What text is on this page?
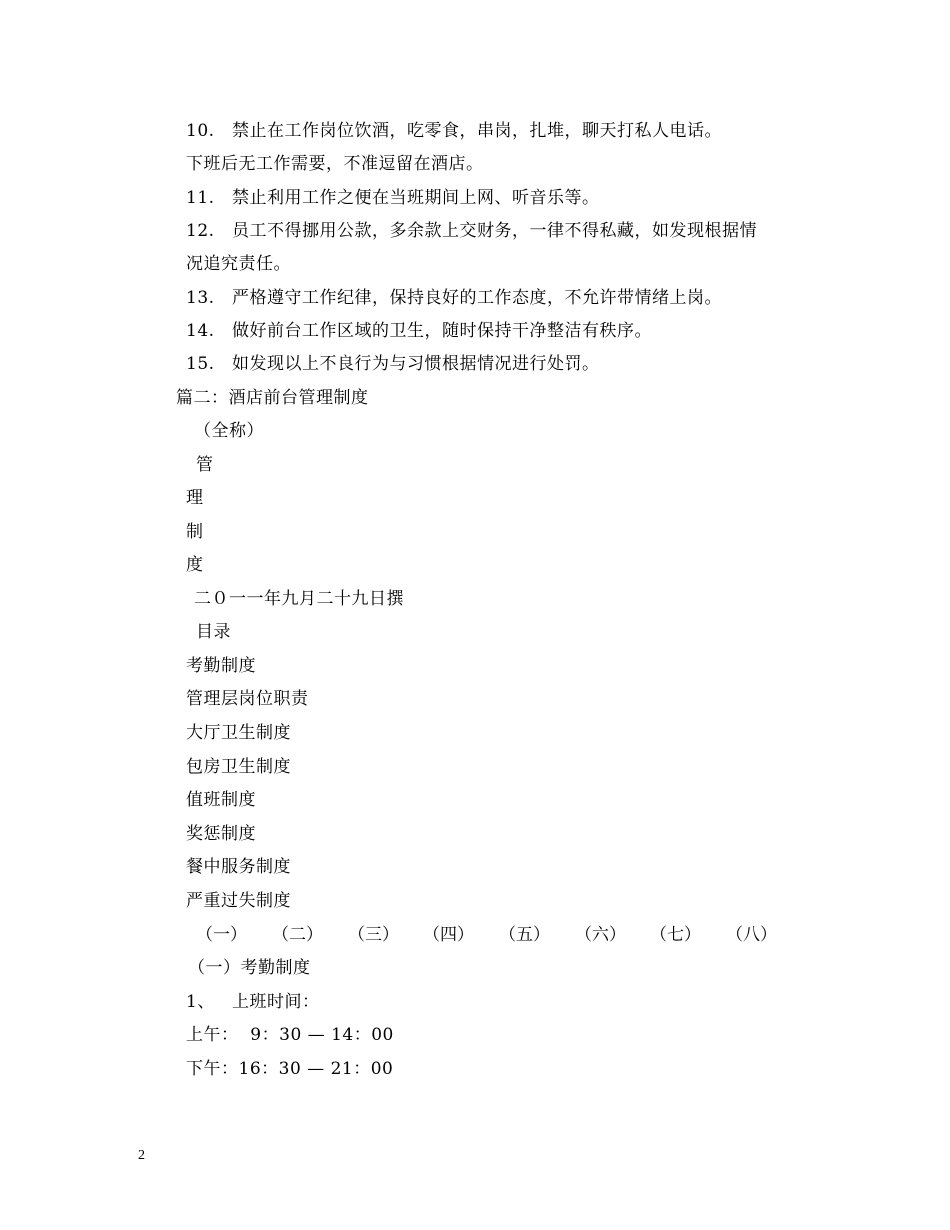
10. 禁止在工作岗位饮酒，吃零食，串岗，扎堆，聊天打私人电话。
下班后无工作需要，不准逗留在酒店。
11. 禁止利用工作之便在当班期间上网、听音乐等。
12. 员工不得挪用公款，多余款上交财务，一律不得私藏，如发现根据情
况追究责任。
13. 严格遵守工作纪律，保持良好的工作态度，不允许带情绪上岗。
14. 做好前台工作区域的卫生，随时保持干净整洁有秩序。
15. 如发现以上不良行为与习惯根据情况进行处罚。
篇二：酒店前台管理制度
（全称）
管
理
制
度
二０一一年九月二十九日撰
目录
考勤制度
管理层岗位职责
大厅卫生制度
包房卫生制度
值班制度
奖惩制度
餐中服务制度
严重过失制度
（一） （二） （三） （四） （五） （六） （七） （八）
（一）考勤制度
1、 上班时间：
上午：  9：30 — 14：00
下午：16：30 — 21：00
2
